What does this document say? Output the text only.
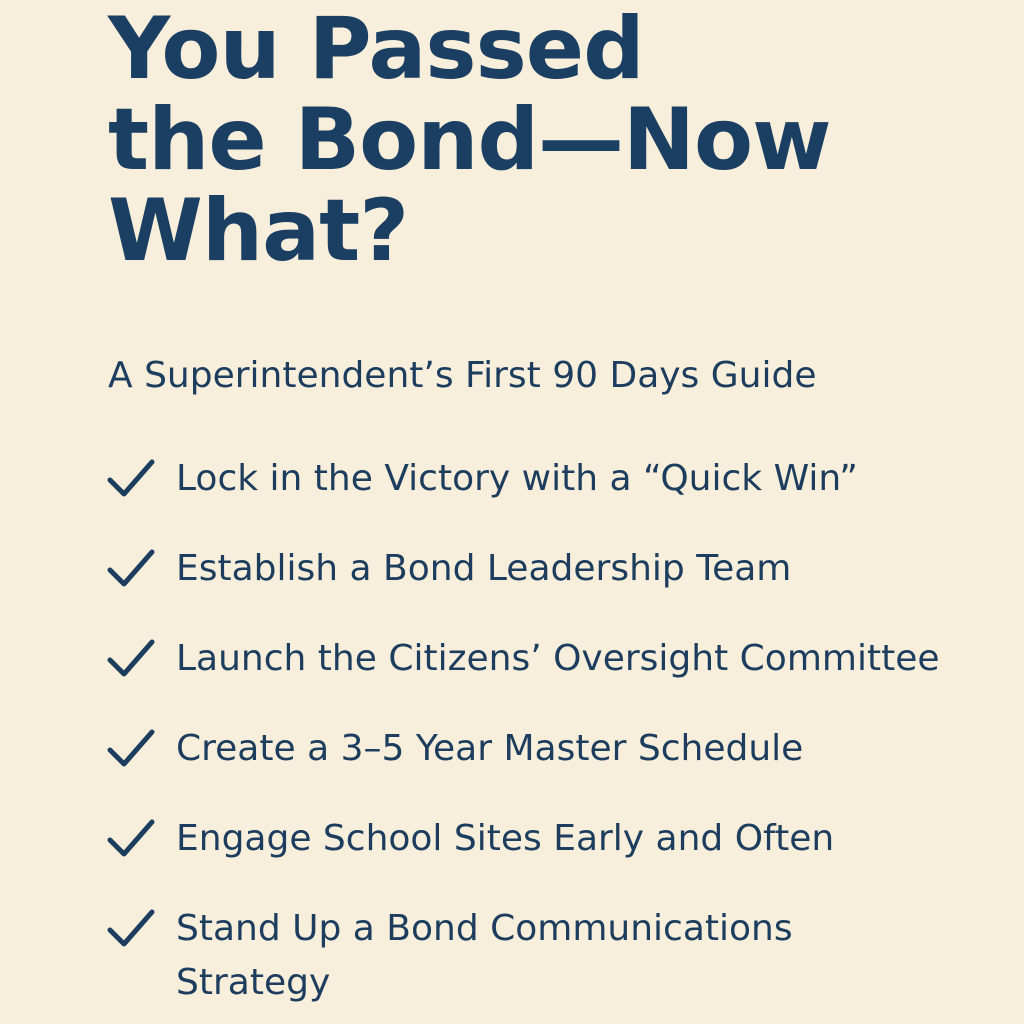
You Passed
the Bond—Now
What?

A Superintendent’s First 90 Days Guide

Lock in the Victory with a “Quick Win”
Establish a Bond Leadership Team
Launch the Citizens’ Oversight Committee
Create a 3–5 Year Master Schedule
Engage School Sites Early and Often
Stand Up a Bond Communications Strategy
